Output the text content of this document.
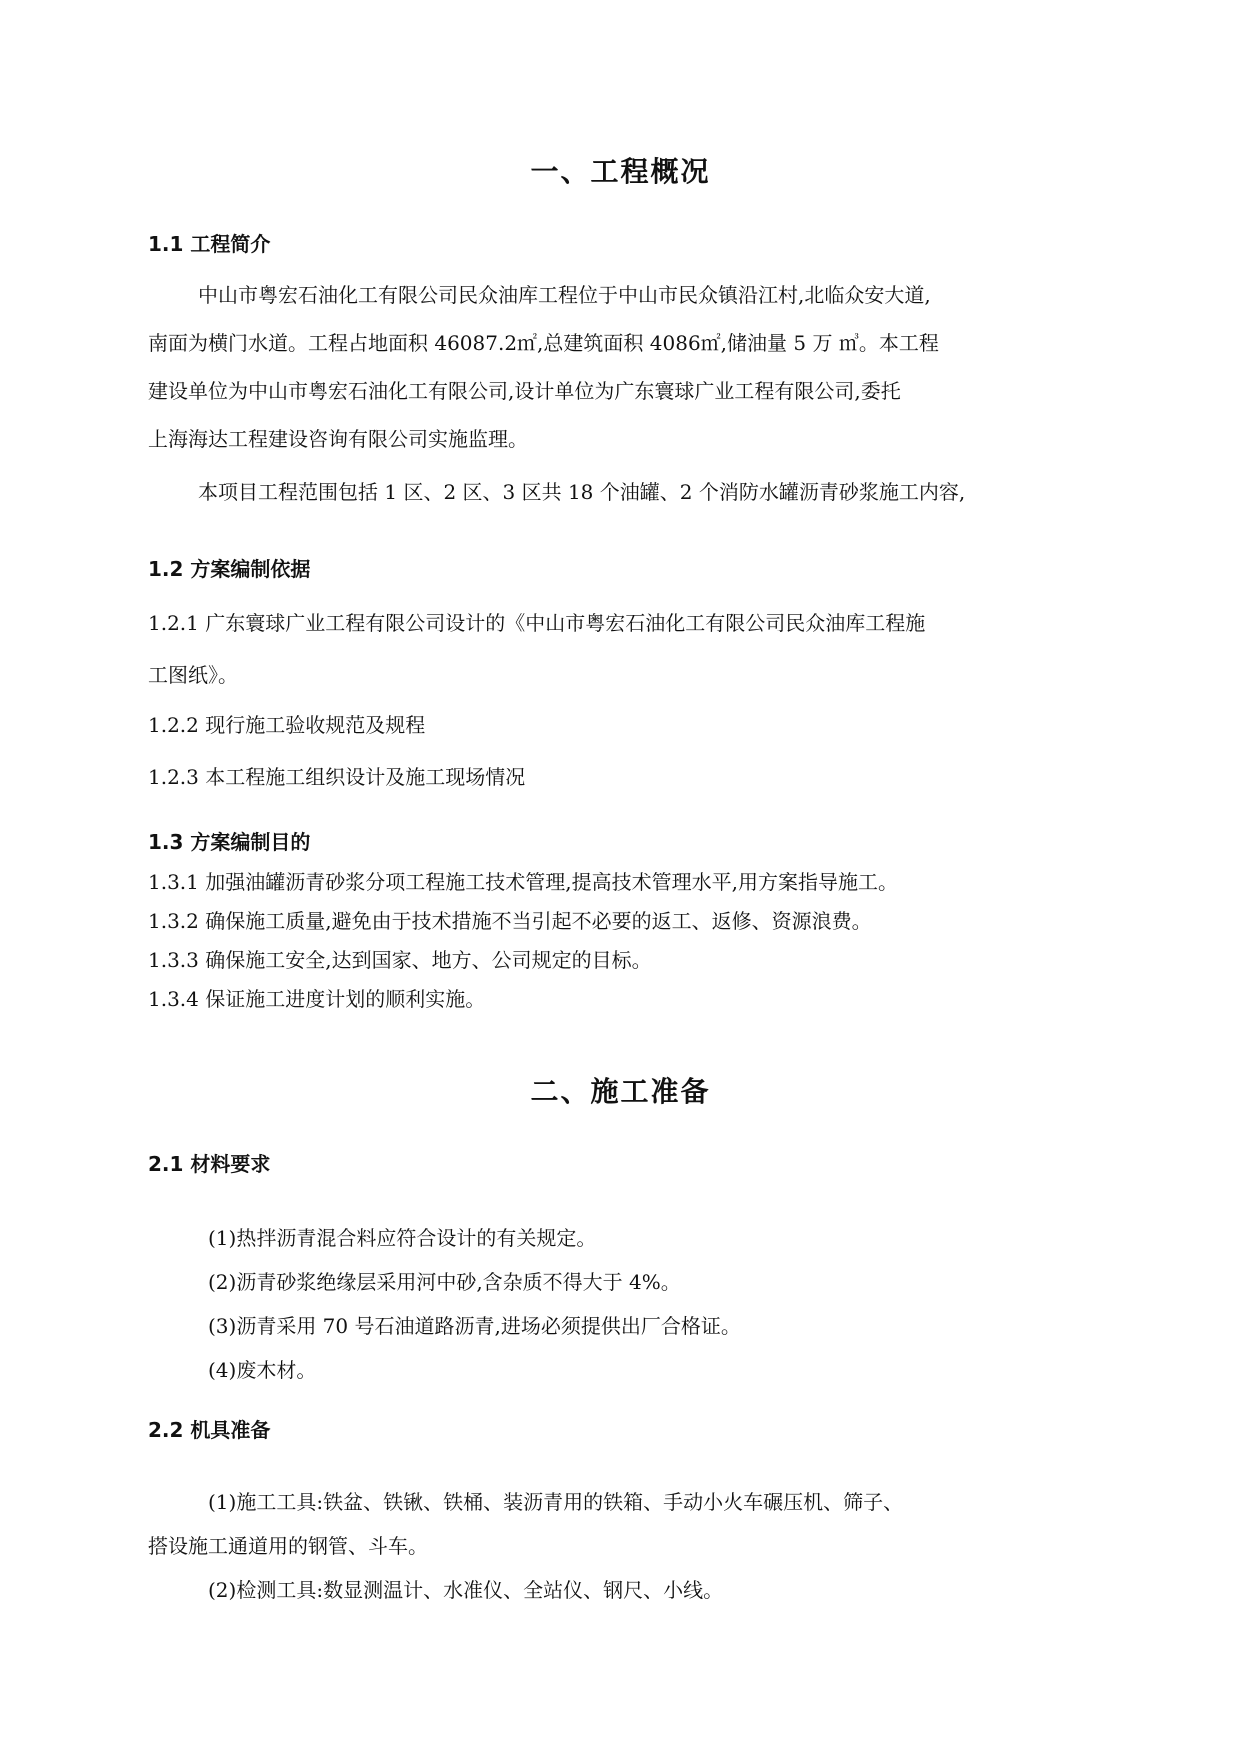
一、工程概况
1.1 工程简介
中山市粤宏石油化工有限公司民众油库工程位于中山市民众镇沿江村,北临众安大道,
南面为横门水道。工程占地面积 46087.2㎡,总建筑面积 4086㎡,储油量 5 万 ㎥。本工程
建设单位为中山市粤宏石油化工有限公司,设计单位为广东寰球广业工程有限公司,委托
上海海达工程建设咨询有限公司实施监理。
本项目工程范围包括 1 区、2 区、3 区共 18 个油罐、2 个消防水罐沥青砂浆施工内容,
1.2 方案编制依据
1.2.1 广东寰球广业工程有限公司设计的《中山市粤宏石油化工有限公司民众油库工程施
工图纸》。
1.2.2 现行施工验收规范及规程
1.2.3 本工程施工组织设计及施工现场情况
1.3 方案编制目的
1.3.1 加强油罐沥青砂浆分项工程施工技术管理,提高技术管理水平,用方案指导施工。
1.3.2 确保施工质量,避免由于技术措施不当引起不必要的返工、返修、资源浪费。
1.3.3 确保施工安全,达到国家、地方、公司规定的目标。
1.3.4 保证施工进度计划的顺利实施。
二、施工准备
2.1 材料要求
(1)热拌沥青混合料应符合设计的有关规定。
(2)沥青砂浆绝缘层采用河中砂,含杂质不得大于 4%。
(3)沥青采用 70 号石油道路沥青,进场必须提供出厂合格证。
(4)废木材。
2.2 机具准备
(1)施工工具:铁盆、铁锹、铁桶、装沥青用的铁箱、手动小火车碾压机、筛子、
搭设施工通道用的钢管、斗车。
(2)检测工具:数显测温计、水准仪、全站仪、钢尺、小线。
